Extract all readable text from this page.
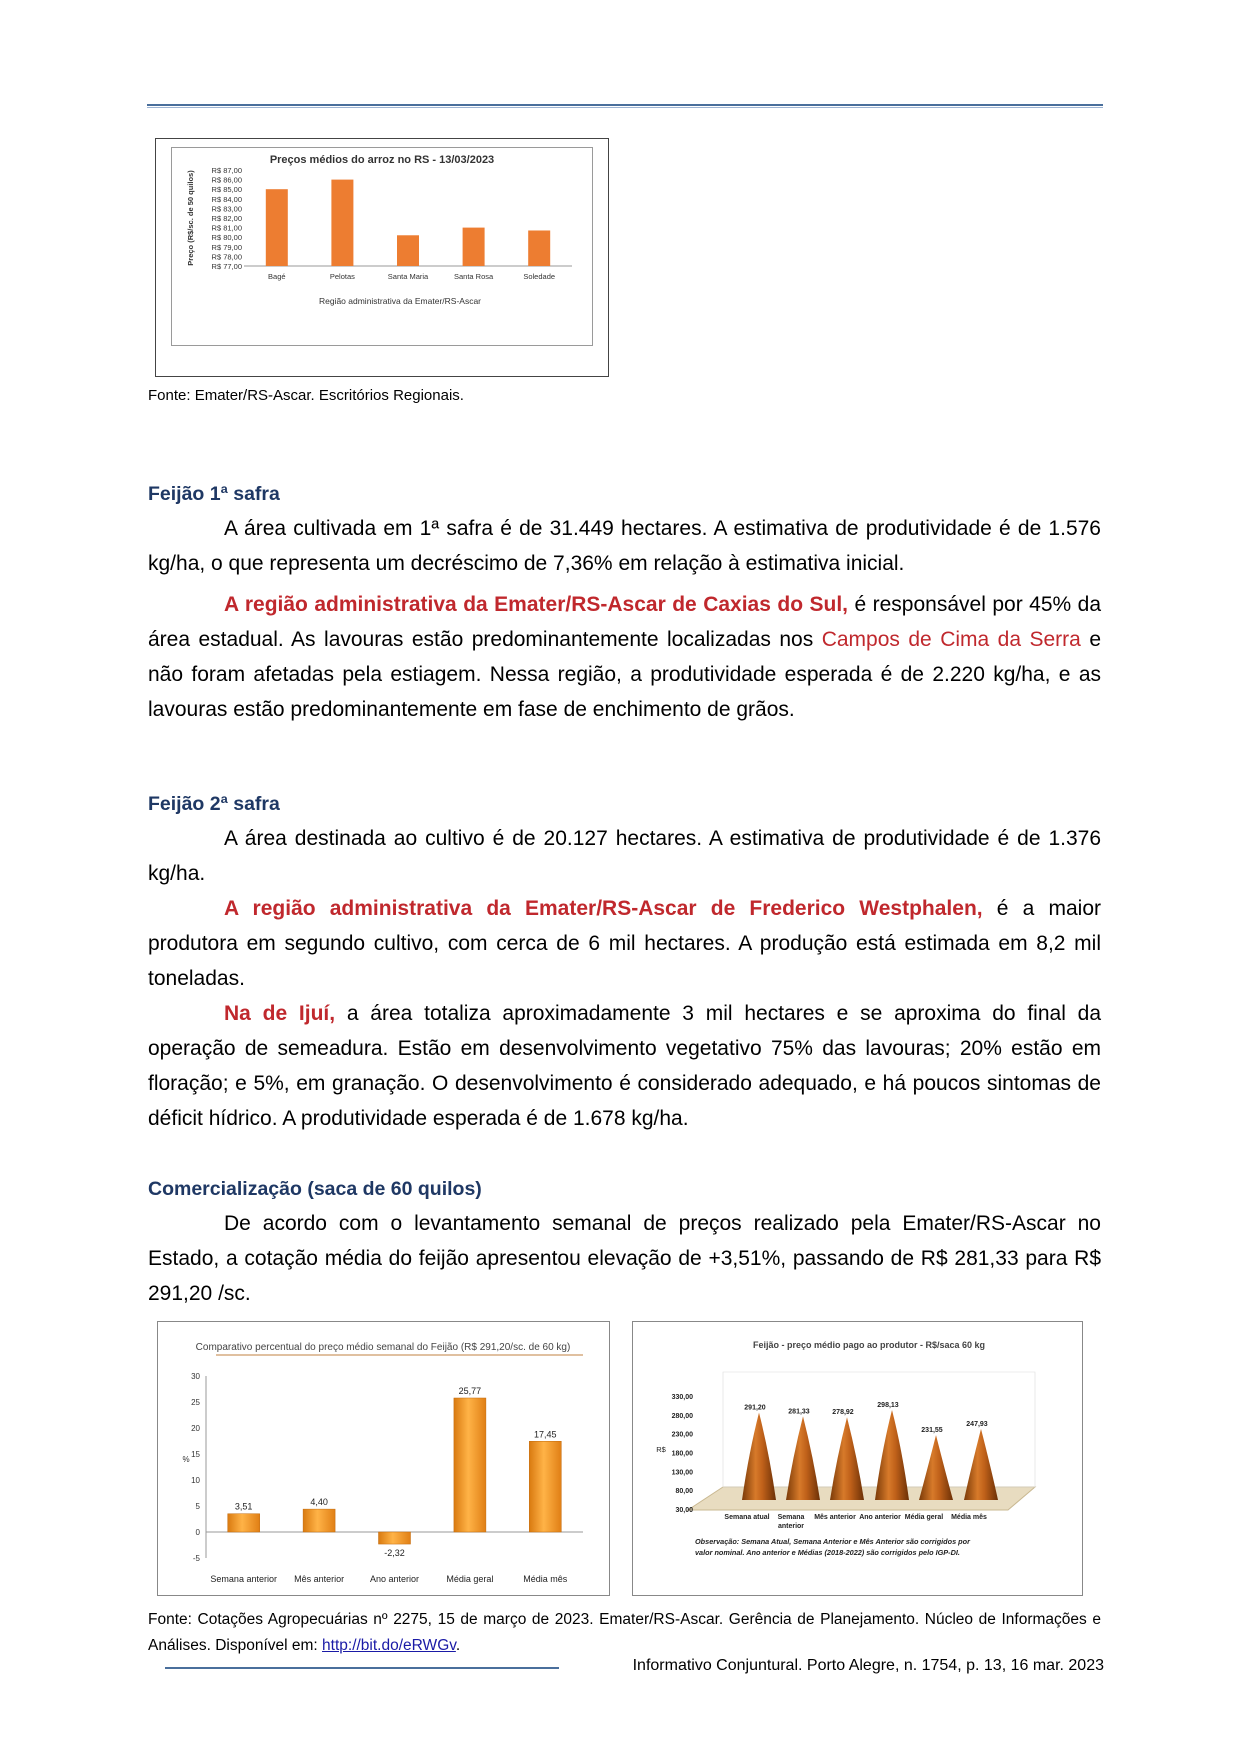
Preços médios do arroz no RS - 13/03/2023
R$ 87,00
R$ 86,00
R$ 85,00
R$ 84,00
R$ 83,00
R$ 82,00
R$ 81,00
R$ 80,00
R$ 79,00
R$ 78,00
R$ 77,00
Bagé	Pelotas	Santa Maria	Santa Rosa	Soledade
Preço (R$/sc. de 50 quilos)
Região administrativa da Emater/RS-Ascar
Fonte: Emater/RS-Ascar. Escritórios Regionais.
Feijão 1ª safra

A área cultivada em 1ª safra é de 31.449 hectares. A estimativa de produtividade é de 1.576 kg/ha, o que representa um decréscimo de 7,36% em relação à estimativa inicial.

A região administrativa da Emater/RS-Ascar de Caxias do Sul, é responsável por 45% da área estadual. As lavouras estão predominantemente localizadas nos Campos de Cima da Serra e não foram afetadas pela estiagem. Nessa região, a produtividade esperada é de 2.220 kg/ha, e as lavouras estão predominantemente em fase de enchimento de grãos.

Feijão 2ª safra

A área destinada ao cultivo é de 20.127 hectares. A estimativa de produtividade é de 1.376 kg/ha.

A região administrativa da Emater/RS-Ascar de Frederico Westphalen, é a maior produtora em segundo cultivo, com cerca de 6 mil hectares. A produção está estimada em 8,2 mil toneladas.

Na de Ijuí, a área totaliza aproximadamente 3 mil hectares e se aproxima do final da operação de semeadura. Estão em desenvolvimento vegetativo 75% das lavouras; 20% estão em floração; e 5%, em granação. O desenvolvimento é considerado adequado, e há poucos sintomas de déficit hídrico. A produtividade esperada é de 1.678 kg/ha.

Comercialização (saca de 60 quilos)

De acordo com o levantamento semanal de preços realizado pela Emater/RS-Ascar no Estado, a cotação média do feijão apresentou elevação de +3,51%, passando de R$ 281,33 para R$ 291,20 /sc.

Comparativo percentual do preço médio semanal do Feijão (R$ 291,20/sc. de 60 kg)
30
25
20
15
10
5
0
-5
%
3,51
Semana anterior
4,40
Mês anterior
-2,32
Ano anterior
25,77
Média geral
17,45
Média mês
Feijão - preço médio pago ao produtor - R$/saca 60 kg
330,00
280,00
230,00
180,00
130,00
80,00
30,00
R$
291,20
Semana atual
281,33
Semana
anterior
278,92
Mês anterior
298,13
Ano anterior
231,55
Média geral
247,93
Média mês
Observação: Semana Atual, Semana Anterior e Mês Anterior são corrigidos por
valor nominal. Ano anterior e Médias (2018-2022) são corrigidos pelo IGP-DI.
Fonte: Cotações Agropecuárias nº 2275, 15 de março de 2023. Emater/RS-Ascar. Gerência de Planejamento. Núcleo de Informações e Análises. Disponível em: http://bit.do/eRWGv.
Informativo Conjuntural. Porto Alegre, n. 1754, p. 13, 16 mar. 2023
